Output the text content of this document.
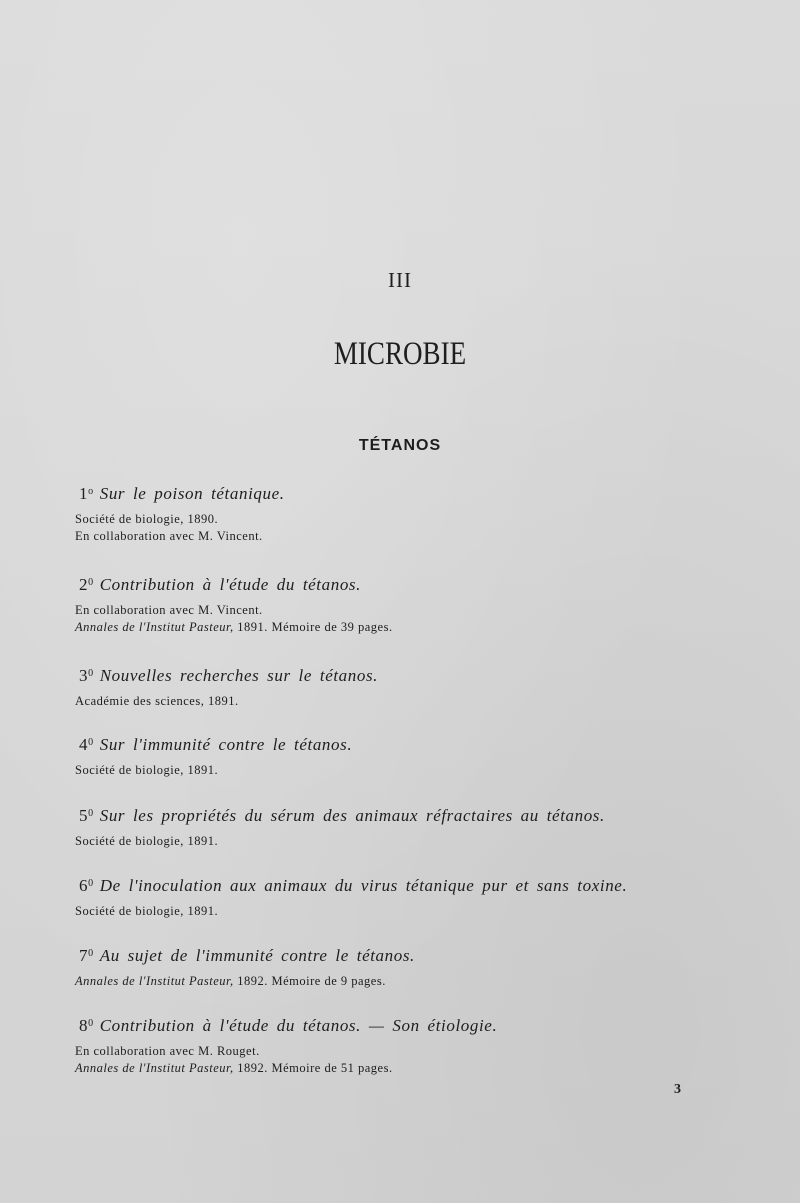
III
MICROBIE
TÉTANOS
1$^o$ Sur le poison tétanique.
Société de biologie, 1890.
En collaboration avec M. Vincent.
$2^0$ Contribution à l'étude du tétanos.
En collaboration avec M. Vincent.
Annales de l'Institut Pasteur, 1891. Mémoire de 39 pages.
$3^0$ Nouvelles recherches sur le tétanos.
Académie des sciences, 1891.
$4^0$ Sur l'immunité contre le tétanos.
Société de biologie, 1891.
$5^0$ Sur les propriétés du sérum des animaux réfractaires au tétanos.
Société de biologie, 1891.
$6^0$ De l'inoculation aux animaux du virus tétanique pur et sans toxine.
Société de biologie, 1891.
$7^0$ Au sujet de l'immunité contre le tétanos.
Annales de l'Institut Pasteur, 1892. Mémoire de 9 pages.
$8^0$ Contribution à l'étude du tétanos. — Son étiologie.
En collaboration avec M. Rouget.
Annales de l'Institut Pasteur, 1892. Mémoire de 51 pages.
3
